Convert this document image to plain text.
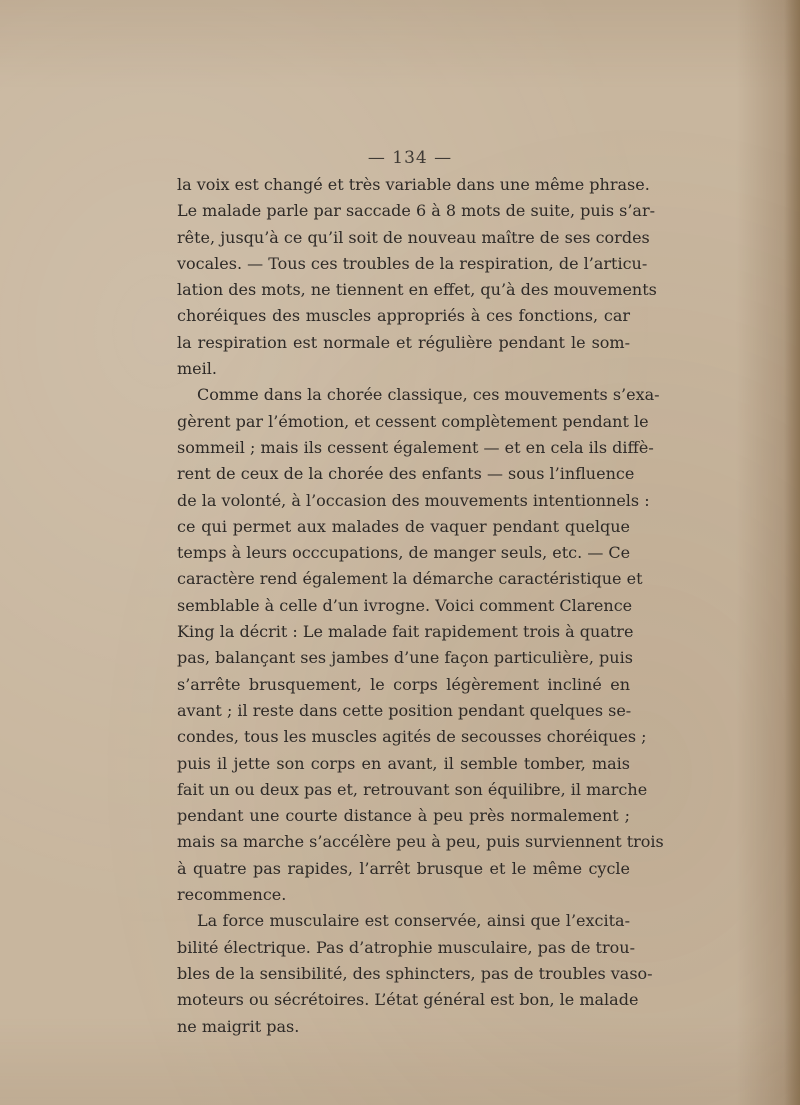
— 134 —
la voix est changé et très variable dans une même phrase.
Le malade parle par saccade 6 à 8 mots de suite, puis s’ar-
rête, jusqu’à ce qu’il soit de nouveau maître de ses cordes
vocales. — Tous ces troubles de la respiration, de l’articu-
lation des mots, ne tiennent en effet, qu’à des mouvements
choréiques des muscles appropriés à ces fonctions, car
la respiration est normale et régulière pendant le som-
meil.
Comme dans la chorée classique, ces mouvements s’exa-
gèrent par l’émotion, et cessent complètement pendant le
sommeil ; mais ils cessent également — et en cela ils diffè-
rent de ceux de la chorée des enfants — sous l’influence
de la volonté, à l’occasion des mouvements intentionnels :
ce qui permet aux malades de vaquer pendant quelque
temps à leurs occcupations, de manger seuls, etc. — Ce
caractère rend également la démarche caractéristique et
semblable à celle d’un ivrogne. Voici comment Clarence
King la décrit : Le malade fait rapidement trois à quatre
pas, balançant ses jambes d’une façon particulière, puis
s’arrête brusquement, le corps légèrement incliné en
avant ; il reste dans cette position pendant quelques se-
condes, tous les muscles agités de secousses choréiques ;
puis il jette son corps en avant, il semble tomber, mais
fait un ou deux pas et, retrouvant son équilibre, il marche
pendant une courte distance à peu près normalement ;
mais sa marche s’accélère peu à peu, puis surviennent trois
à quatre pas rapides, l’arrêt brusque et le même cycle
recommence.
La force musculaire est conservée, ainsi que l’excita-
bilité électrique. Pas d’atrophie musculaire, pas de trou-
bles de la sensibilité, des sphincters, pas de troubles vaso-
moteurs ou sécrétoires. L’état général est bon, le malade
ne maigrit pas.
